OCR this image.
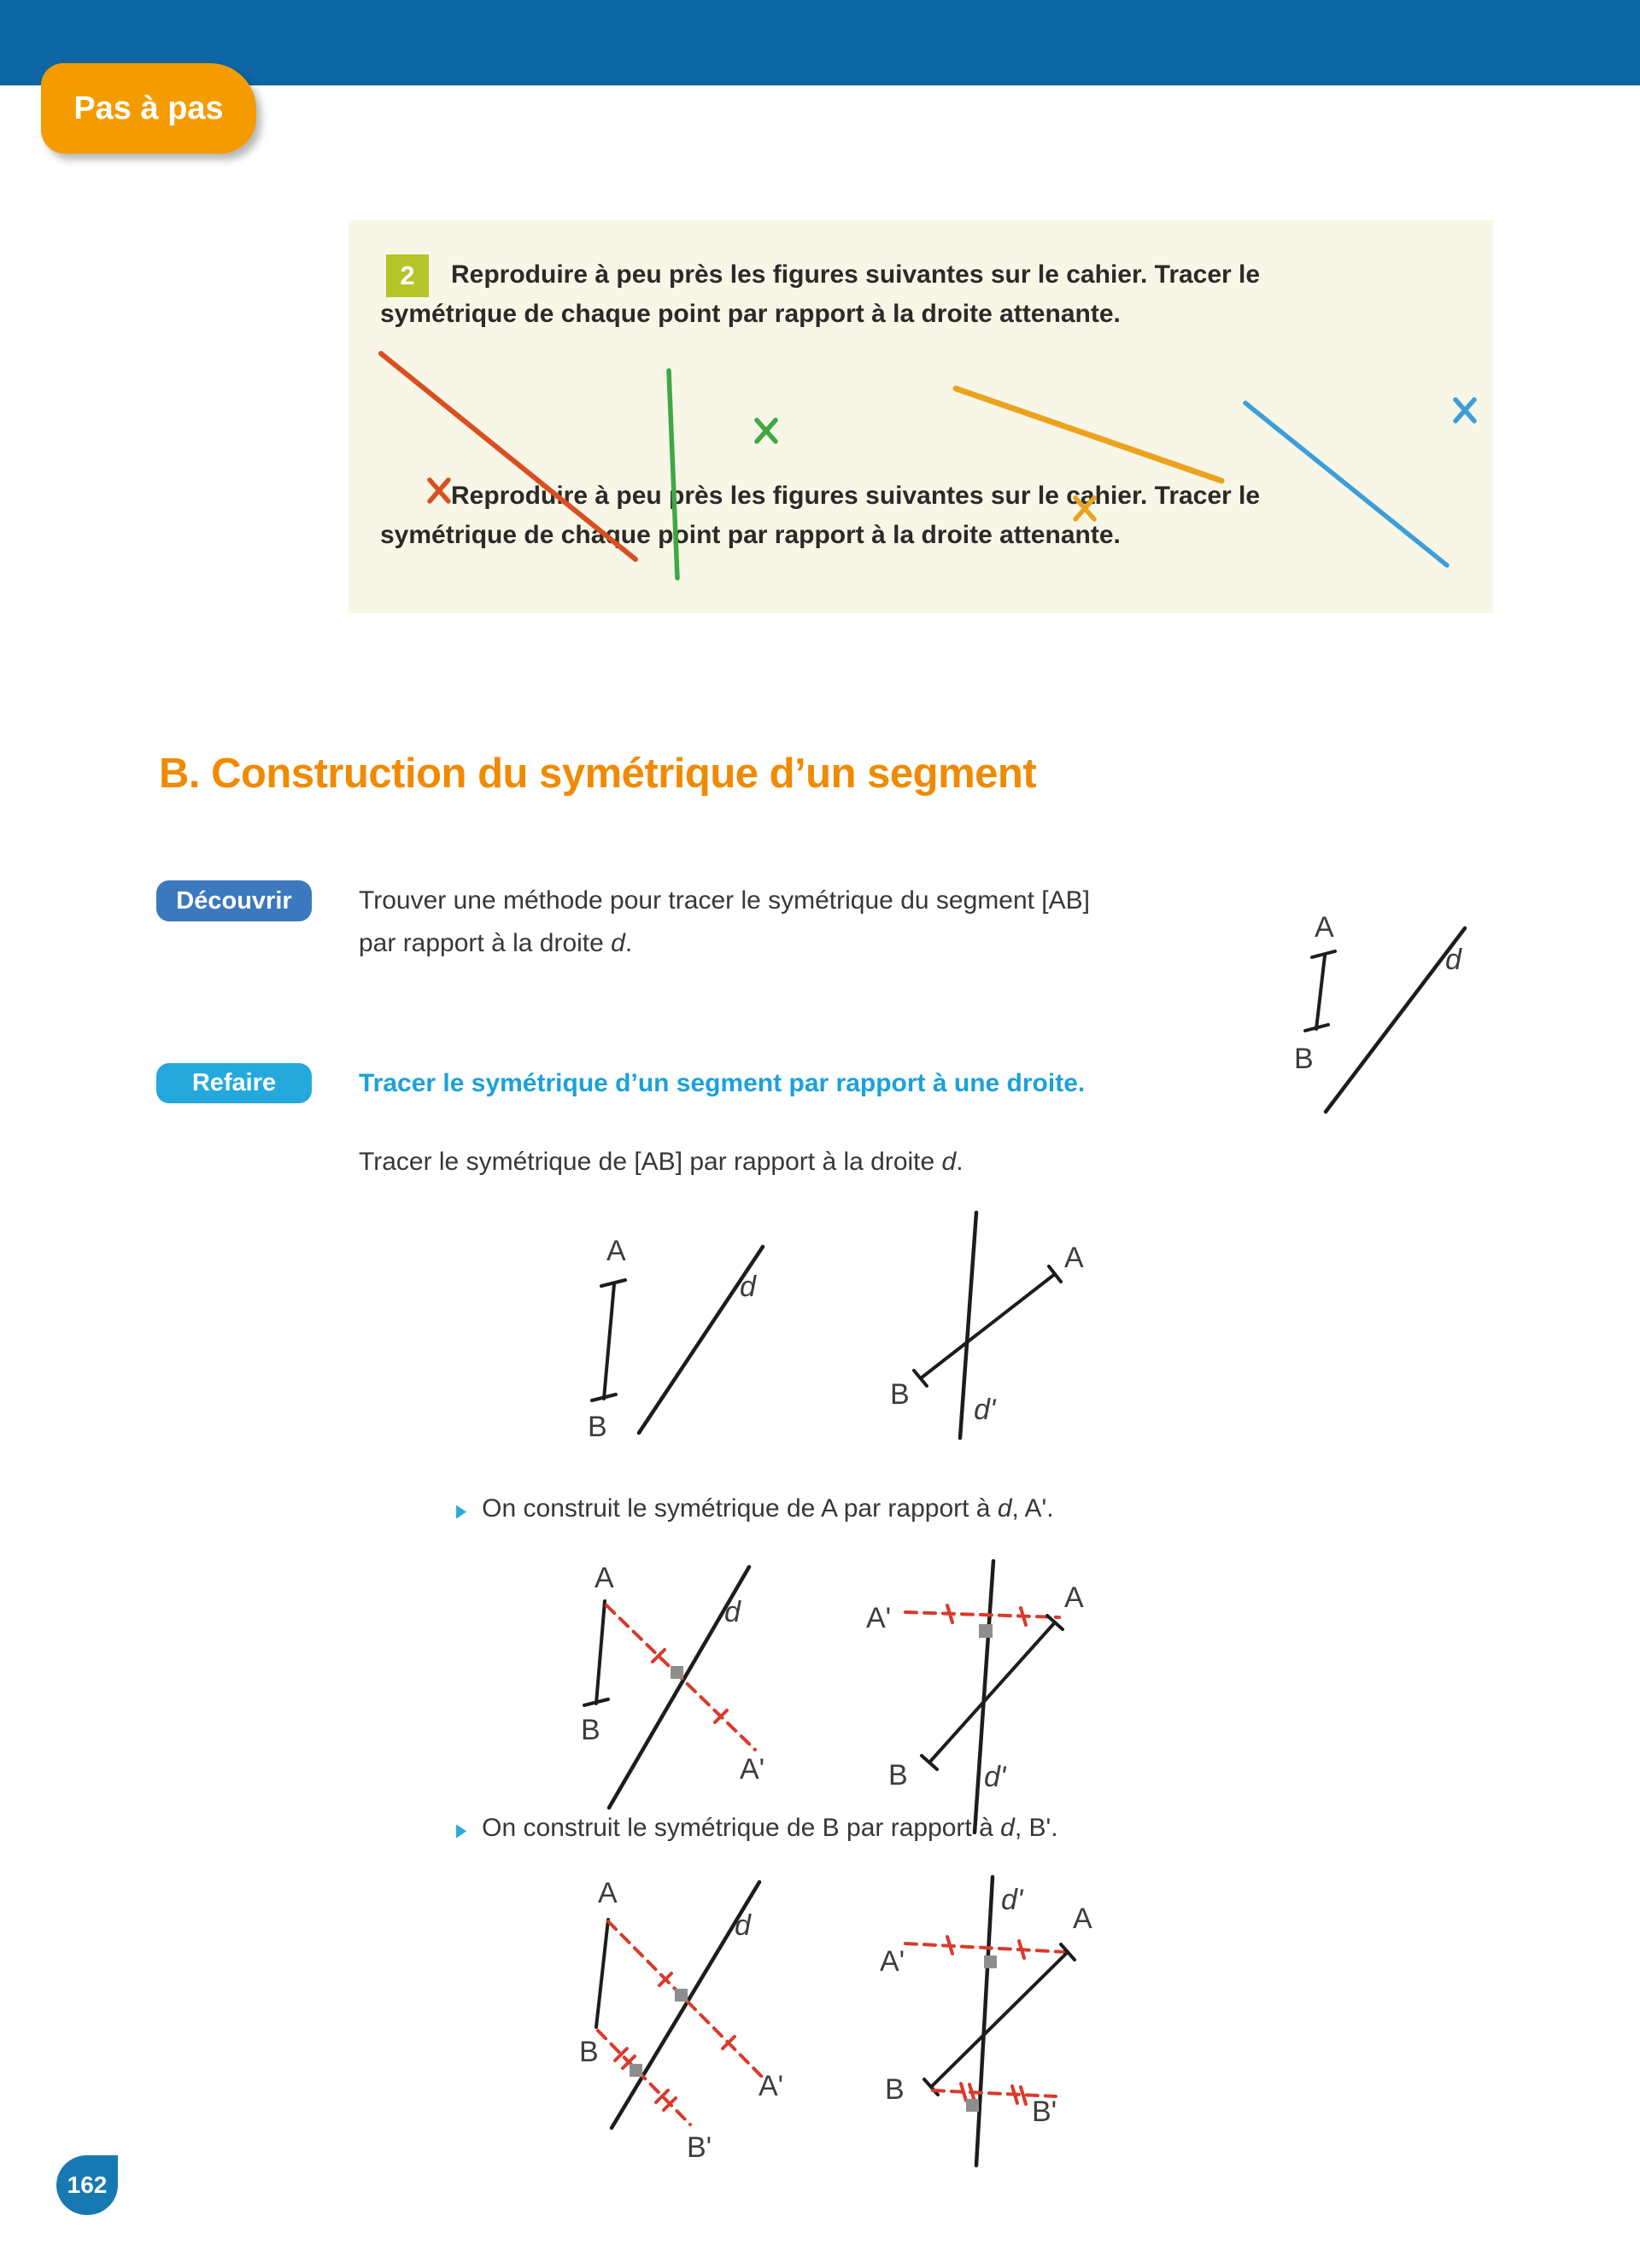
Pas à pas
2
Reproduire à peu près les figures suivantes sur le cahier. Tracer le
symétrique de chaque point par rapport à la droite attenante.
Reproduire à peu près les figures suivantes sur le cahier. Tracer le
symétrique de chaque point par rapport à la droite attenante.
B. Construction du symétrique d’un segment
Découvrir	Trouver une méthode pour tracer le symétrique du segment [AB]
par rapport à la droite d.	A
B
d
Refaire	Tracer le symétrique d’un segment par rapport à une droite.
Tracer le symétrique de [AB] par rapport à la droite d.
A
B
d
A
B d'
▶ On construit le symétrique de A par rapport à d, A'.
A
B
d
A'
A'
A
B	d'
▶ On construit le symétrique de B par rapport à d, B'.
A
d
B
A'
B'
d'
A
A'
B
B'
162
